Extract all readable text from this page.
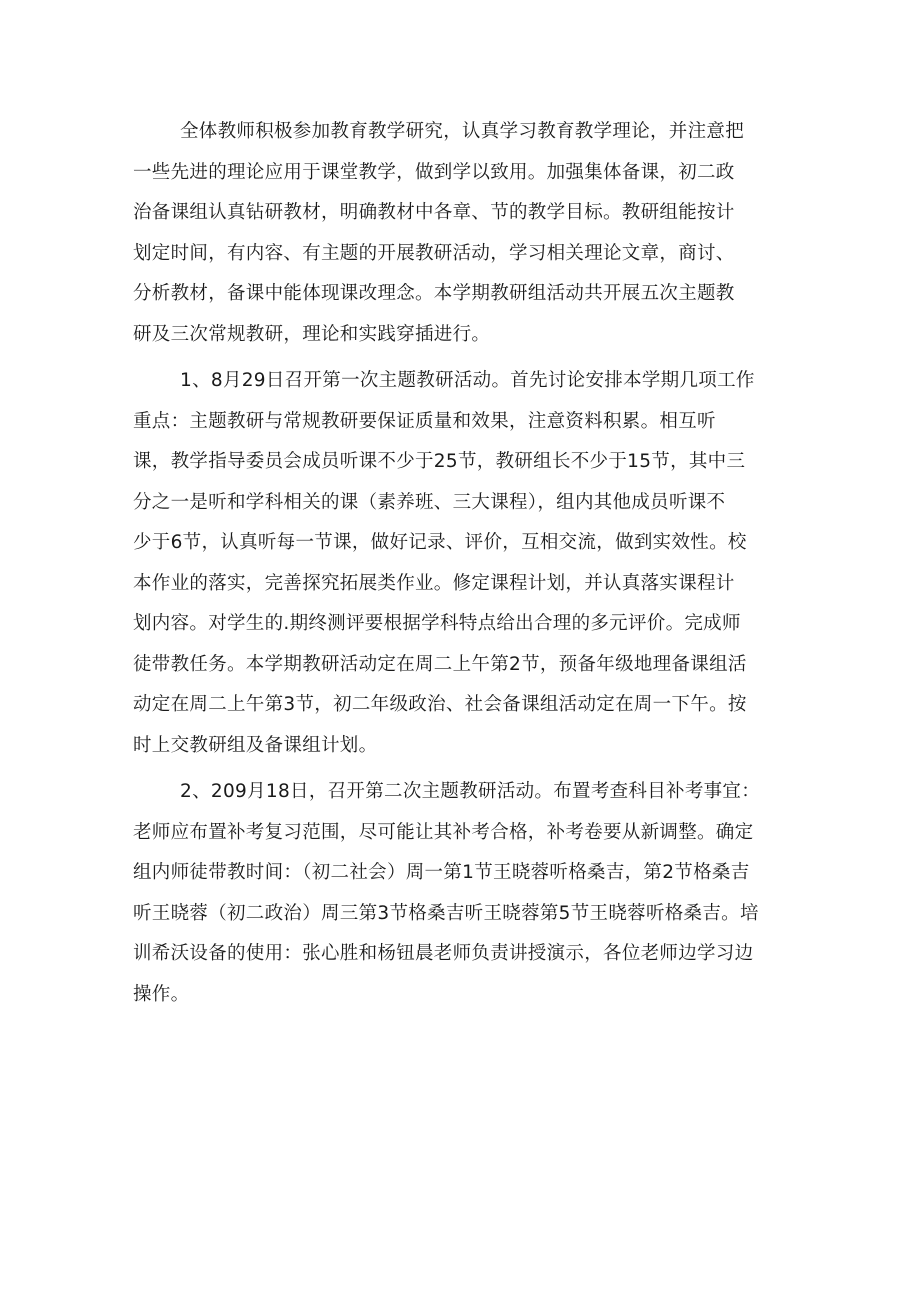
全体教师积极参加教育教学研究，认真学习教育教学理论，并注意把
一些先进的理论应用于课堂教学，做到学以致用。加强集体备课，初二政
治备课组认真钻研教材，明确教材中各章、节的教学目标。教研组能按计
划定时间，有内容、有主题的开展教研活动，学习相关理论文章，商讨、
分析教材，备课中能体现课改理念。本学期教研组活动共开展五次主题教
研及三次常规教研，理论和实践穿插进行。
1、8月29日召开第一次主题教研活动。首先讨论安排本学期几项工作
重点：主题教研与常规教研要保证质量和效果，注意资料积累。相互听
课，教学指导委员会成员听课不少于25节，教研组长不少于15节，其中三
分之一是听和学科相关的课（素养班、三大课程），组内其他成员听课不
少于6节，认真听每一节课，做好记录、评价，互相交流，做到实效性。校
本作业的落实，完善探究拓展类作业。修定课程计划，并认真落实课程计
划内容。对学生的.期终测评要根据学科特点给出合理的多元评价。完成师
徒带教任务。本学期教研活动定在周二上午第2节，预备年级地理备课组活
动定在周二上午第3节，初二年级政治、社会备课组活动定在周一下午。按
时上交教研组及备课组计划。
2、209月18日，召开第二次主题教研活动。布置考查科目补考事宜：
老师应布置补考复习范围，尽可能让其补考合格，补考卷要从新调整。确定
组内师徒带教时间：（初二社会）周一第1节王晓蓉听格桑吉，第2节格桑吉
听王晓蓉（初二政治）周三第3节格桑吉听王晓蓉第5节王晓蓉听格桑吉。培
训希沃设备的使用：张心胜和杨钮晨老师负责讲授演示，各位老师边学习边
操作。
